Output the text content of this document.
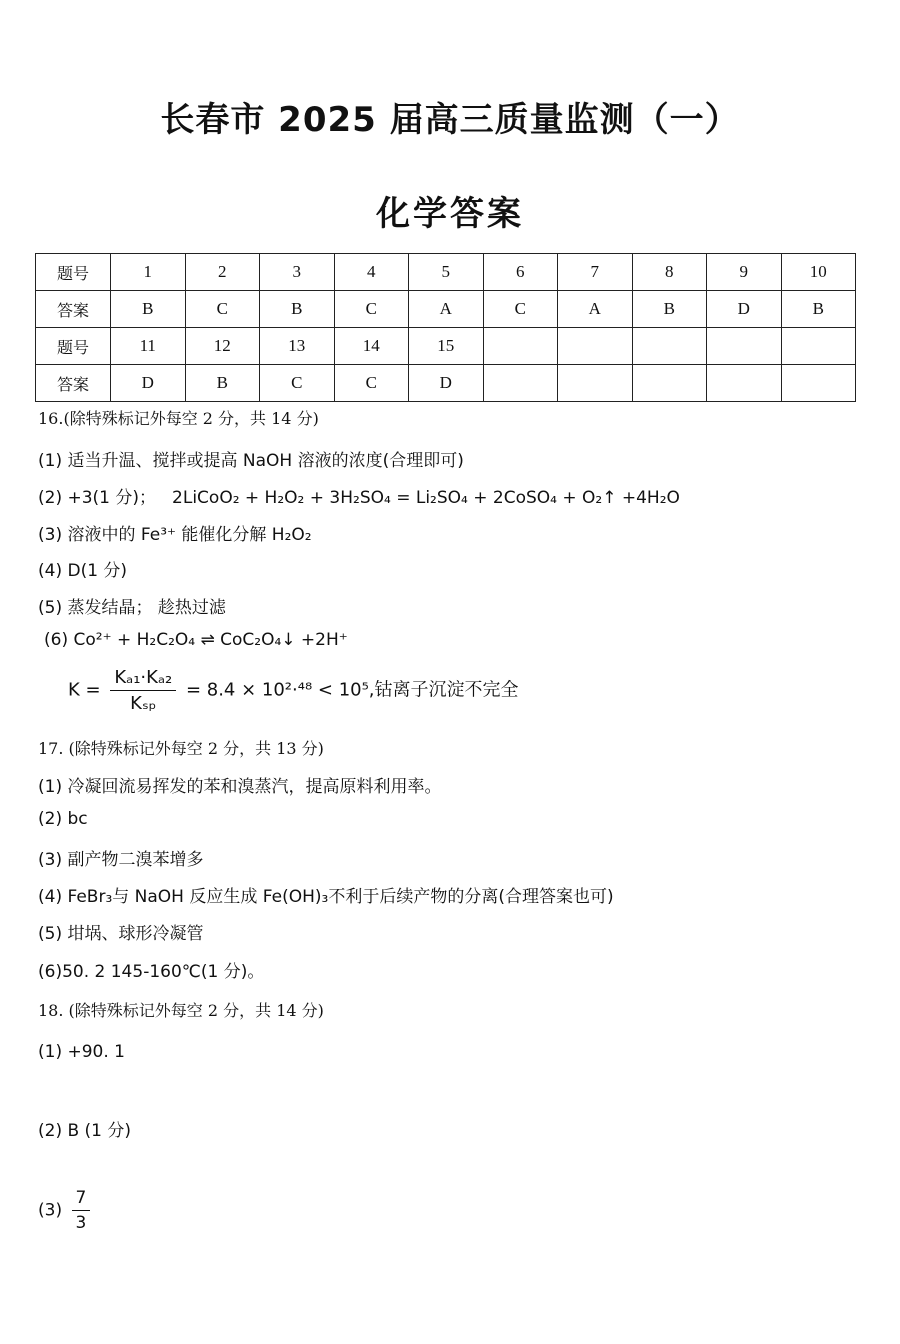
长春市 2025 届高三质量监测（一）
化学答案
题号	1	2	3	4	5	6	7	8	9	10
答案	B	C	B	C	A	C	A	B	D	B
题号	11	12	13	14	15					
答案	D	B	C	C	D					
16.(除特殊标记外每空 2 分，共 14 分)
(1) 适当升温、搅拌或提高 NaOH 溶液的浓度(合理即可)
(2) +3(1 分)； 2LiCoO₂ + H₂O₂ + 3H₂SO₄ = Li₂SO₄ + 2CoSO₄ + O₂↑ +4H₂O
(3) 溶液中的 Fe³⁺ 能催化分解 H₂O₂
(4) D(1 分)
(5) 蒸发结晶； 趁热过滤
(6) Co²⁺ + H₂C₂O₄ ⇌ CoC₂O₄↓ +2H⁺
$K = \frac{\text{Kₐ₁·Kₐ₂}}{\text{Kₛₚ}} = 8.4 \times 10^2\cdot^{48} < 10^5$,钴离子沉淀不完全
17. (除特殊标记外每空 2 分，共 13 分)
(1) 冷凝回流易挥发的苯和溴蒸汽，提高原料利用率。
(2) bc
(3) 副产物二溴苯增多
(4) FeBr₃与 NaOH 反应生成 Fe(OH)₃不利于后续产物的分离(合理答案也可)
(5) 坩埚、球形冷凝管
(6)50. 2 145-160℃(1 分)。
18. (除特殊标记外每空 2 分，共 14 分)
(1) +90. 1
(2) B (1 分)
$(3) \frac{7}{3}$
